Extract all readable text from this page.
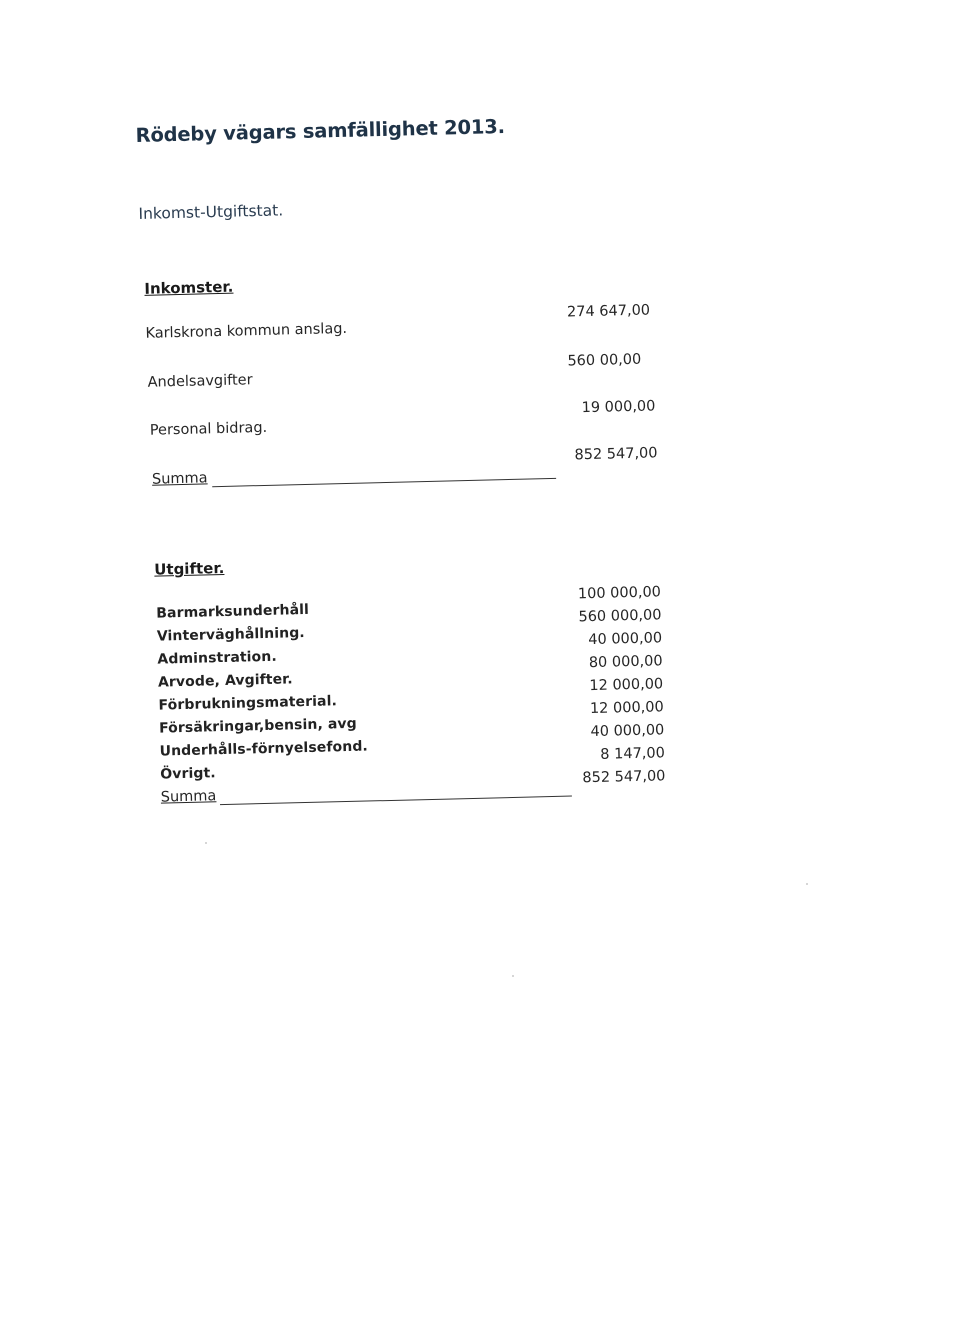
Rödeby vägars samfällighet 2013.
Inkomst-Utgiftstat.
Inkomster.
Karlskrona kommun anslag.
274 647,00
Andelsavgifter
560 00,00
Personal bidrag.
19 000,00
Summa
852 547,00
Utgifter.
Barmarksunderhåll
100 000,00
Vinterväghållning.
560 000,00
Adminstration.
40 000,00
Arvode, Avgifter.
80 000,00
Förbrukningsmaterial.
12 000,00
Försäkringar,bensin, avg
12 000,00
Underhålls-förnyelsefond.
40 000,00
Övrigt.
8 147,00
Summa
852 547,00
